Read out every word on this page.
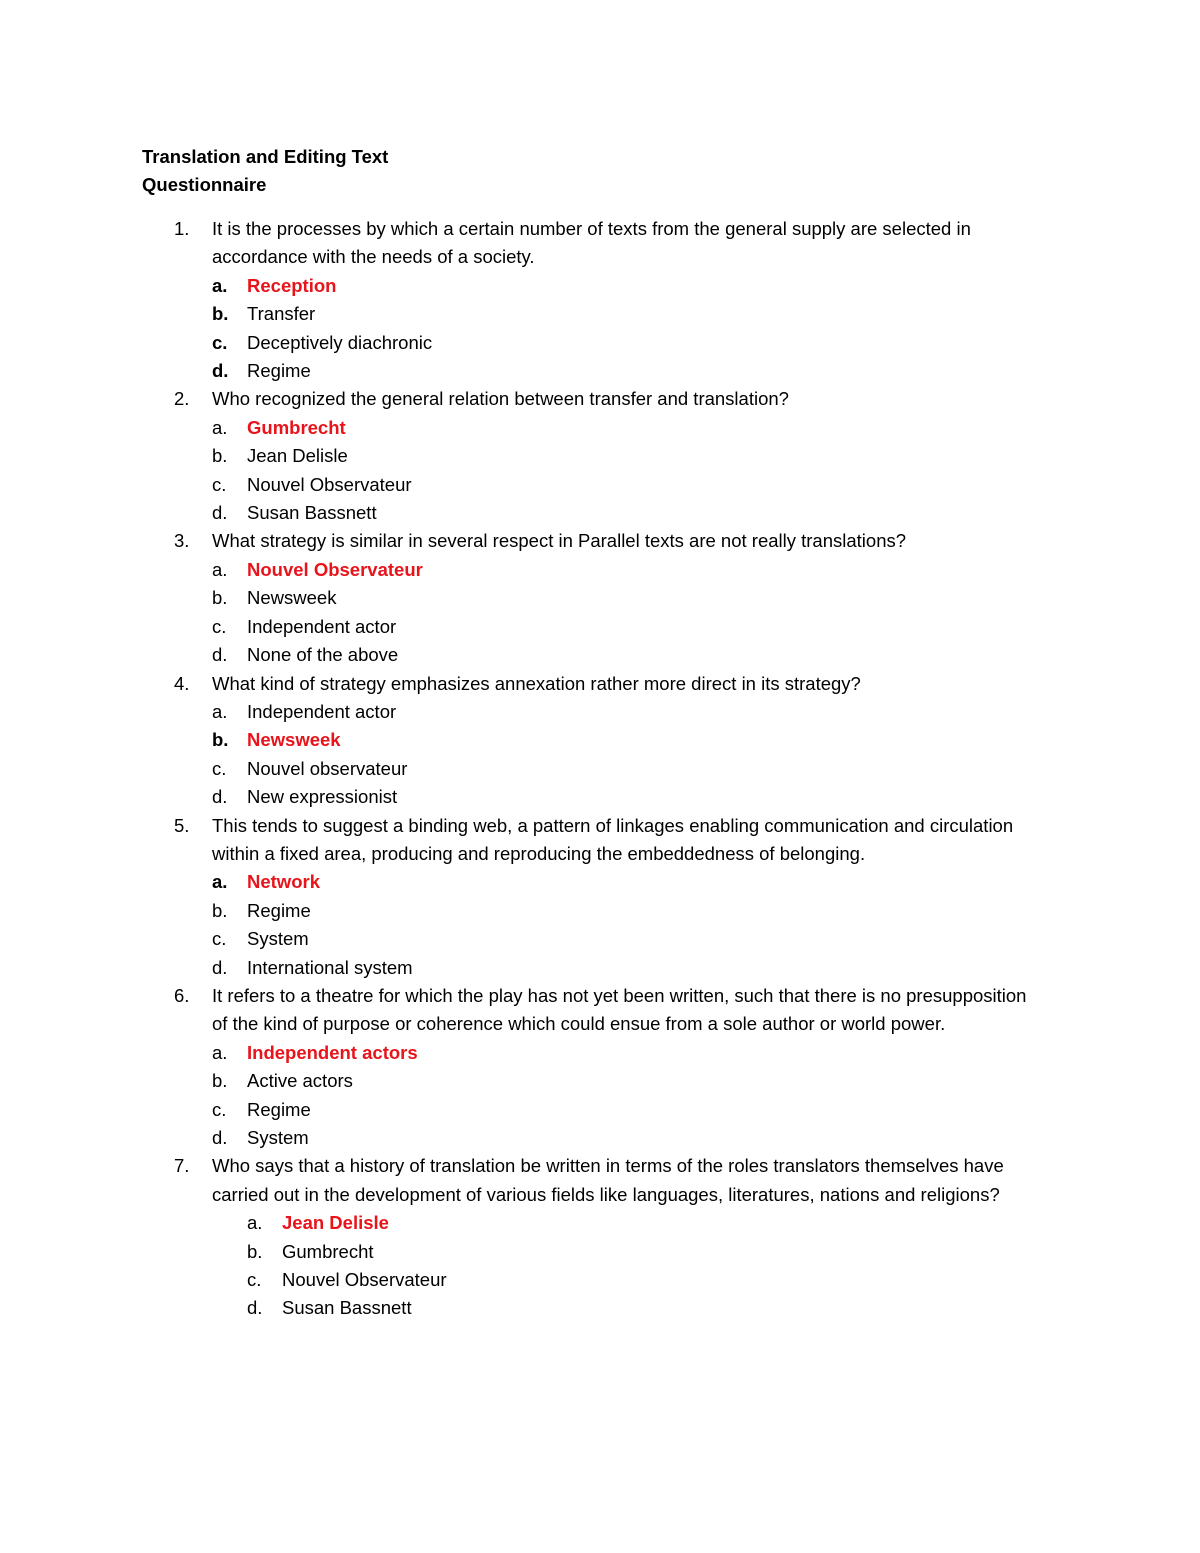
Translation and Editing Text

Questionnaire

1.	It is the processes by which a certain number of texts from the general supply are selected in accordance with the needs of a society.

a.	Reception
b.	Transfer
c.	Deceptively diachronic
d.	Regime
2.	Who recognized the general relation between transfer and translation?

a.	Gumbrecht
b.	Jean Delisle
c.	Nouvel Observateur
d.	Susan Bassnett
3.	What strategy is similar in several respect in Parallel texts are not really translations?

a.	Nouvel Observateur
b.	Newsweek
c.	Independent actor
d.	None of the above
4.	What kind of strategy emphasizes annexation rather more direct in its strategy?

a.	Independent actor
b.	Newsweek
c.	Nouvel observateur
d.	New expressionist
5.	This tends to suggest a binding web, a pattern of linkages enabling communication and circulation within a fixed area, producing and reproducing the embeddedness of belonging.

a.	Network
b.	Regime
c.	System
d.	International system
6.	It refers to a theatre for which the play has not yet been written, such that there is no presupposition of the kind of purpose or coherence which could ensue from a sole author or world power.

a.	Independent actors
b.	Active actors
c.	Regime
d.	System
7.	Who says that a history of translation be written in terms of the roles translators themselves have carried out in the development of various fields like languages, literatures, nations and religions?

a.	Jean Delisle
b.	Gumbrecht
c.	Nouvel Observateur
d.	Susan Bassnett
